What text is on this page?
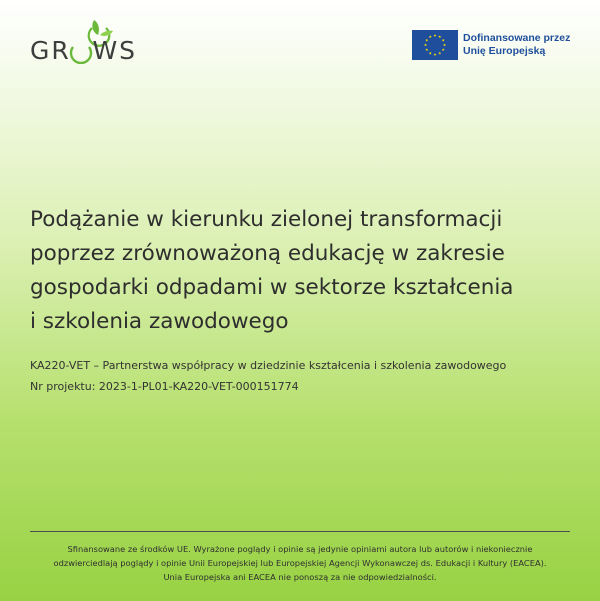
GR WS	Dofinansowane przez
Unię Europejską
Podążanie w kierunku zielonej transformacji
poprzez zrównoważoną edukację w zakresie
gospodarki odpadami w sektorze kształcenia
i szkolenia zawodowego
KA220-VET – Partnerstwa współpracy w dziedzinie kształcenia i szkolenia zawodowego
Nr projektu: 2023-1-PL01-KA220-VET-000151774
Sfinansowane ze środków UE. Wyrażone poglądy i opinie są jedynie opiniami autora lub autorów i niekoniecznie
odzwierciedlają poglądy i opinie Unii Europejskiej lub Europejskiej Agencji Wykonawczej ds. Edukacji i Kultury (EACEA).
Unia Europejska ani EACEA nie ponoszą za nie odpowiedzialności.
